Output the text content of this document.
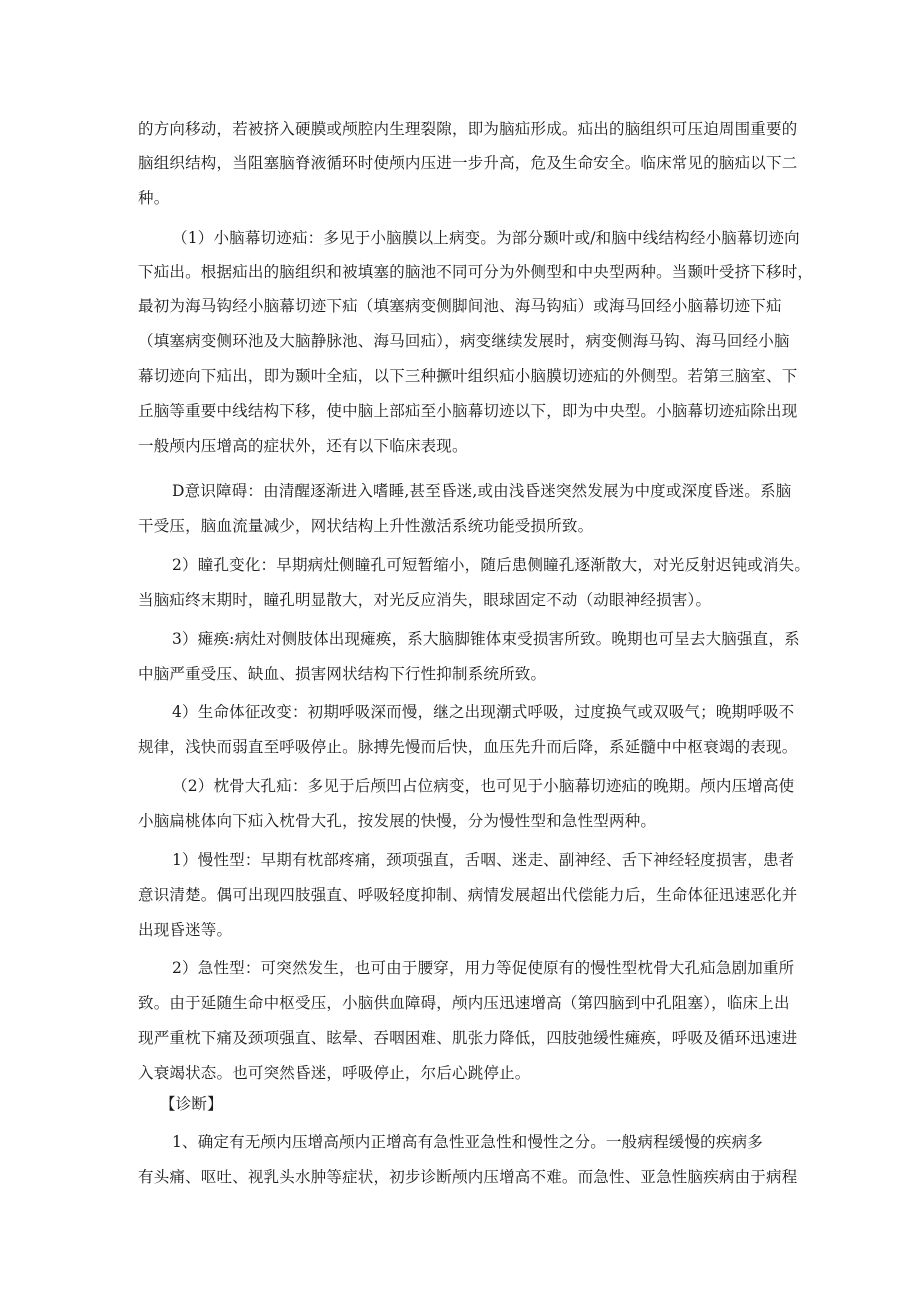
的方向移动，若被挤入硬膜或颅腔内生理裂隙，即为脑疝形成。疝出的脑组织可压迫周围重要的
脑组织结构，当阻塞脑脊液循环时使颅内压进一步升高，危及生命安全。临床常见的脑疝以下二
种。
（1）小脑幕切迹疝：多见于小脑膜以上病变。为部分颞叶或/和脑中线结构经小脑幕切迹向
下疝出。根据疝出的脑组织和被填塞的脑池不同可分为外侧型和中央型两种。当颞叶受挤下移时，
最初为海马钩经小脑幕切迹下疝（填塞病变侧脚间池、海马钩疝）或海马回经小脑幕切迹下疝
（填塞病变侧环池及大脑静脉池、海马回疝），病变继续发展时，病变侧海马钩、海马回经小脑
幕切迹向下疝出，即为颞叶全疝，以下三种撅叶组织疝小脑膜切迹疝的外侧型。若第三脑室、下
丘脑等重要中线结构下移，使中脑上部疝至小脑幕切迹以下，即为中央型。小脑幕切迹疝除出现
一般颅内压增高的症状外，还有以下临床表现。
D意识障碍：由清醒逐渐进入嗜睡,甚至昏迷,或由浅昏迷突然发展为中度或深度昏迷。系脑
干受压，脑血流量减少，网状结构上升性激活系统功能受损所致。
2）瞳孔变化：早期病灶侧瞳孔可短暂缩小，随后患侧瞳孔逐渐散大，对光反射迟钝或消失。
当脑疝终末期时，瞳孔明显散大，对光反应消失，眼球固定不动（动眼神经损害）。
3）瘫痪:病灶对侧肢体出现瘫痪，系大脑脚锥体束受损害所致。晚期也可呈去大脑强直，系
中脑严重受压、缺血、损害网状结构下行性抑制系统所致。
4）生命体征改变：初期呼吸深而慢，继之出现潮式呼吸，过度换气或双吸气；晚期呼吸不
规律，浅快而弱直至呼吸停止。脉搏先慢而后快，血压先升而后降，系延髓中中枢衰竭的表现。
（2）枕骨大孔疝：多见于后颅凹占位病变，也可见于小脑幕切迹疝的晚期。颅内压增高使
小脑扁桃体向下疝入枕骨大孔，按发展的快慢，分为慢性型和急性型两种。
1）慢性型：早期有枕部疼痛，颈项强直，舌咽、迷走、副神经、舌下神经轻度损害，患者
意识清楚。偶可出现四肢强直、呼吸轻度抑制、病情发展超出代偿能力后，生命体征迅速恶化并
出现昏迷等。
2）急性型：可突然发生，也可由于腰穿，用力等促使原有的慢性型枕骨大孔疝急剧加重所
致。由于延随生命中枢受压，小脑供血障碍，颅内压迅速增高（第四脑到中孔阻塞），临床上出
现严重枕下痛及颈项强直、眩晕、吞咽困难、肌张力降低，四肢弛缓性瘫痪，呼吸及循环迅速进
入衰竭状态。也可突然昏迷，呼吸停止，尔后心跳停止。
【诊断】
1、确定有无颅内压增高颅内正增高有急性亚急性和慢性之分。一般病程缓慢的疾病多
有头痛、呕吐、视乳头水肿等症状，初步诊断颅内压增高不难。而急性、亚急性脑疾病由于病程
